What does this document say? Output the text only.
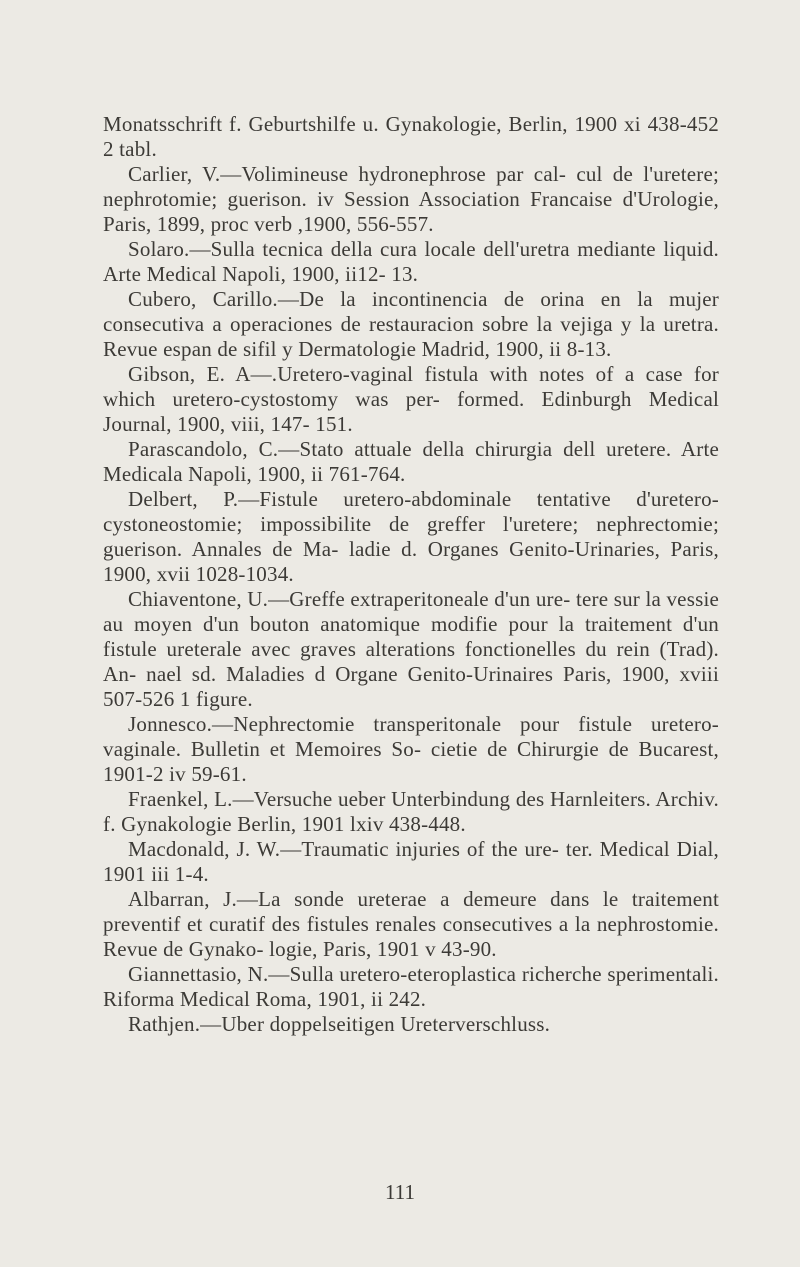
Monatsschrift f. Geburtshilfe u. Gynakologie, Berlin, 1900 xi 438-452 2 tabl.

Carlier, V.—Volimineuse hydronephrose par cal- cul de l'uretere; nephrotomie; guerison. iv Session Association Francaise d'Urologie, Paris, 1899, proc verb ,1900, 556-557.

Solaro.—Sulla tecnica della cura locale dell'uretra mediante liquid. Arte Medical Napoli, 1900, ii12- 13.

Cubero, Carillo.—De la incontinencia de orina en la mujer consecutiva a operaciones de restauracion sobre la vejiga y la uretra. Revue espan de sifil y Dermatologie Madrid, 1900, ii 8-13.

Gibson, E. A—.Uretero-vaginal fistula with notes of a case for which uretero-cystostomy was per- formed. Edinburgh Medical Journal, 1900, viii, 147- 151.

Parascandolo, C.—Stato attuale della chirurgia dell uretere. Arte Medicala Napoli, 1900, ii 761-764.

Delbert, P.—Fistule uretero-abdominale tentative d'uretero-cystoneostomie; impossibilite de greffer l'uretere; nephrectomie; guerison. Annales de Ma- ladie d. Organes Genito-Urinaries, Paris, 1900, xvii 1028-1034.

Chiaventone, U.—Greffe extraperitoneale d'un ure- tere sur la vessie au moyen d'un bouton anatomique modifie pour la traitement d'un fistule ureterale avec graves alterations fonctionelles du rein (Trad). An- nael sd. Maladies d Organe Genito-Urinaires Paris, 1900, xviii 507-526 1 figure.

Jonnesco.—Nephrectomie transperitonale pour fistule uretero-vaginale. Bulletin et Memoires So- cietie de Chirurgie de Bucarest, 1901-2 iv 59-61.

Fraenkel, L.—Versuche ueber Unterbindung des Harnleiters. Archiv. f. Gynakologie Berlin, 1901 lxiv 438-448.

Macdonald, J. W.—Traumatic injuries of the ure- ter. Medical Dial, 1901 iii 1-4.

Albarran, J.—La sonde ureterae a demeure dans le traitement preventif et curatif des fistules renales consecutives a la nephrostomie. Revue de Gynako- logie, Paris, 1901 v 43-90.

Giannettasio, N.—Sulla uretero-eteroplastica richerche sperimentali. Riforma Medical Roma, 1901, ii 242.

Rathjen.—Uber doppelseitigen Ureterverschluss.

111
